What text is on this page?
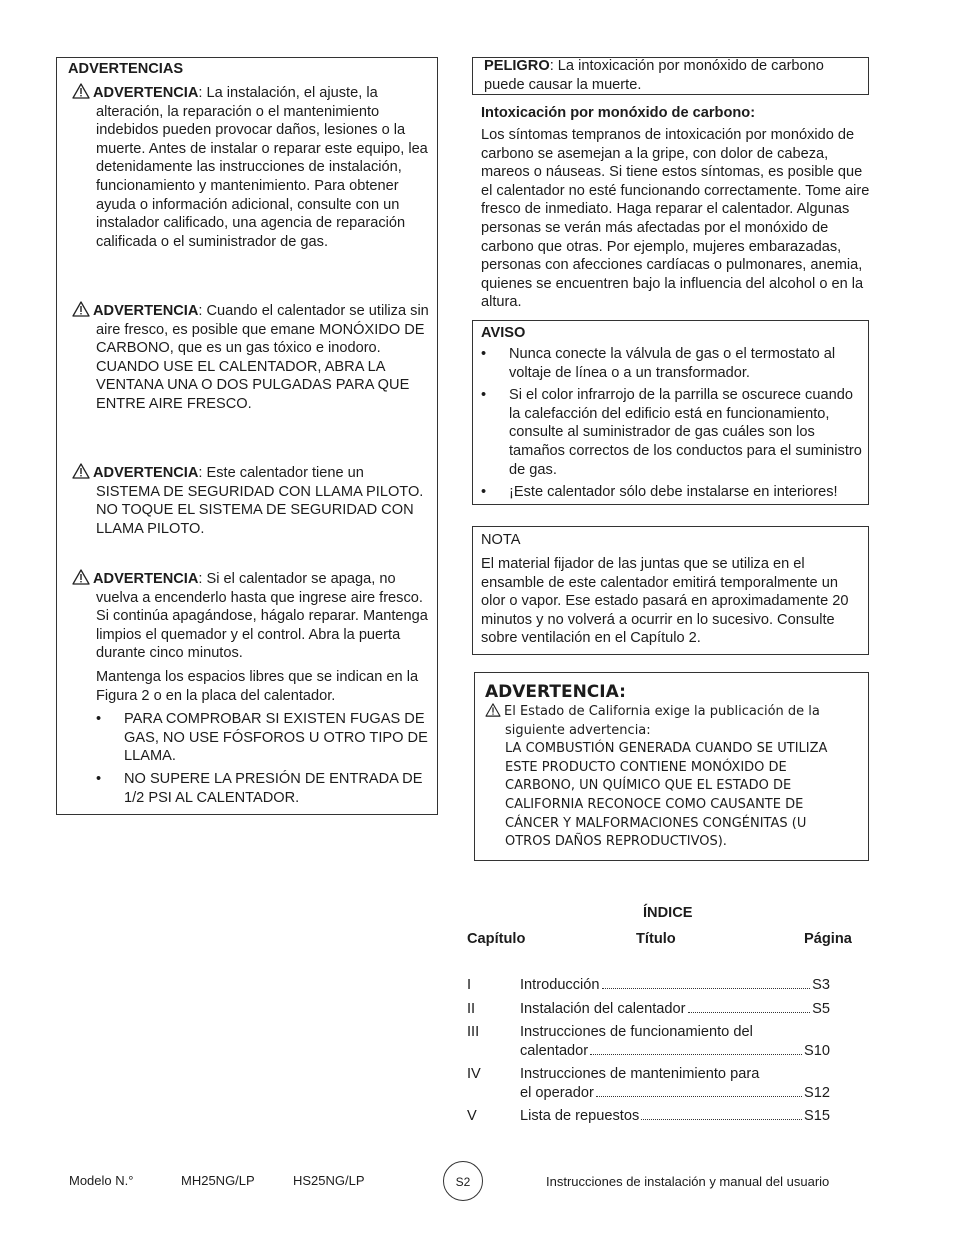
ADVERTENCIAS

ADVERTENCIA: La instalación, el ajuste, la alteración, la reparación o el mantenimiento indebidos pueden provocar daños, lesiones o la muerte. Antes de instalar o reparar este equipo, lea detenidamente las instrucciones de instalación, funcionamiento y mantenimiento. Para obtener ayuda o información adicional, consulte con un instalador calificado, una agencia de reparación calificada o el suministrador de gas.

ADVERTENCIA: Cuando el calentador se utiliza sin aire fresco, es posible que emane MONÓXIDO DE CARBONO, que es un gas tóxico e inodoro. CUANDO USE EL CALENTADOR, ABRA LA VENTANA UNA O DOS PULGADAS PARA QUE ENTRE AIRE FRESCO.

ADVERTENCIA: Este calentador tiene un SISTEMA DE SEGURIDAD CON LLAMA PILOTO. NO TOQUE EL SISTEMA DE SEGURIDAD CON LLAMA PILOTO.

ADVERTENCIA: Si el calentador se apaga, no vuelva a encenderlo hasta que ingrese aire fresco. Si continúa apagándose, hágalo reparar. Mantenga limpios el quemador y el control. Abra la puerta durante cinco minutos.

Mantenga los espacios libres que se indican en la Figura 2 o en la placa del calentador.

• PARA COMPROBAR SI EXISTEN FUGAS DE GAS, NO USE FÓSFOROS U OTRO TIPO DE LLAMA.
• NO SUPERE LA PRESIÓN DE ENTRADA DE 1/2 PSI AL CALENTADOR.

PELIGRO: La intoxicación por monóxido de carbono puede causar la muerte.

Intoxicación por monóxido de carbono:

Los síntomas tempranos de intoxicación por monóxido de carbono se asemejan a la gripe, con dolor de cabeza, mareos o náuseas. Si tiene estos síntomas, es posible que el calentador no esté funcionando correctamente. Tome aire fresco de inmediato. Haga reparar el calentador. Algunas personas se verán más afectadas por el monóxido de carbono que otras. Por ejemplo, mujeres embarazadas, personas con afecciones cardíacas o pulmonares, anemia, quienes se encuentren bajo la influencia del alcohol o en la altura.

AVISO

• Nunca conecte la válvula de gas o el termostato al voltaje de línea o a un transformador.
• Si el color infrarrojo de la parrilla se oscurece cuando la calefacción del edificio está en funcionamiento, consulte al suministrador de gas cuáles son los tamaños correctos de los conductos para el suministro de gas.
• ¡Este calentador sólo debe instalarse en interiores!

NOTA

El material fijador de las juntas que se utiliza en el ensamble de este calentador emitirá temporalmente un olor o vapor. Ese estado pasará en aproximadamente 20 minutos y no volverá a ocurrir en lo sucesivo. Consulte sobre ventilación en el Capítulo 2.

ADVERTENCIA:

El Estado de California exige la publicación de la siguiente advertencia:

LA COMBUSTIÓN GENERADA CUANDO SE UTILIZA ESTE PRODUCTO CONTIENE MONÓXIDO DE CARBONO, UN QUÍMICO QUE EL ESTADO DE CALIFORNIA RECONOCE COMO CAUSANTE DE CÁNCER Y MALFORMACIONES CONGÉNITAS (U OTROS DAÑOS REPRODUCTIVOS).

ÍNDICE

Capítulo	Título	Página

I	Introducción	S3
II	Instalación del calentador	S5
III	Instrucciones de funcionamiento del
calentador	S10
IV	Instrucciones de mantenimiento para
el operador	S12
V	Lista de repuestos	S15
Modelo N.°	MH25NG/LP	HS25NG/LP	S2	Instrucciones de instalación y manual del usuario
